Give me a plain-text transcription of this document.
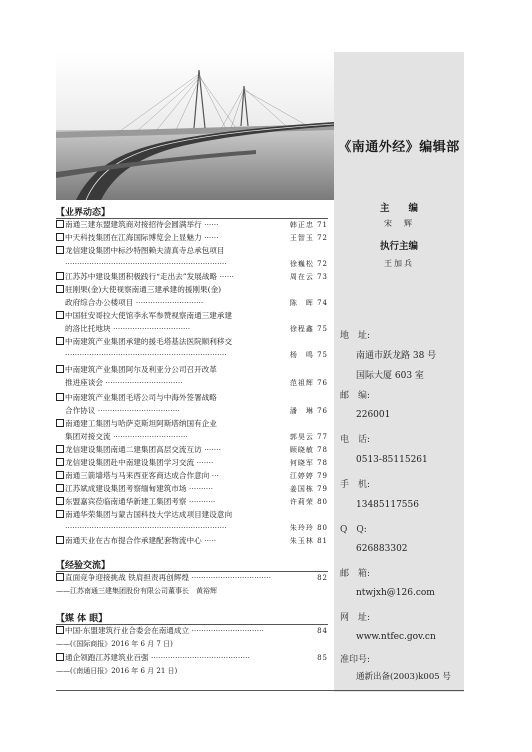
《南通外经》编辑部
主　　编
宋　辉
执行主编
王加兵
地　址:
南通市跃龙路 38 号
国际大厦 603 室
邮　编:
226001
电　话:
0513-85115261
手　机:
13485117556
Q　Q:
626883302
邮　箱:
ntwjxh@126.com
网　址:
www.ntfec.gov.cn
准印号:
通新出备(2003)k005 号
【业界动态】
南通三建东盟建筑商对接招待会圆满举行 ······	韩正忠 71
中天科技集团在江海国际博览会上显魅力 ······	王智玉 72
龙信建设集团中标沙特图赖夫清真寺总承包项目
···································································	徐巍松 72
江苏苏中建设集团积极践行“走出去”发展战略 ······	周在云 73
驻刚果(金)大使视察南通三建承建的援刚果(金)
政府综合办公楼项目 ····························	陈　晖 74
中国驻安哥拉大使馆李永军参赞视察南通三建承建
的洛比托地块 ································	徐程鑫 75
中南建筑产业集团承建的援毛塔基法医院顺利移交
···································································	杨　鸣 75
中南建筑产业集团阿尔及利亚分公司召开改革
推进座谈会 ································	范祖辉 76
中南建筑产业集团毛塔公司与中海外签署战略
合作协议 ··································	潘　琳 76
南通建工集团与哈萨克斯坦阿斯塔纳国有企业
集团对接交流 ·······························	郭昊云 77
龙信建设集团南通二建集团高层交流互访 ·······	顾晓敏 78
龙信建设集团赴中南建设集团学习交流 ·······	何晓军 78
南通三箭墙塔与马来西亚客商达成合作意向 ···	江婷婷 79
江苏斌成建设集团考察缅甸建筑市场 ··········	姜国栋 79
东盟嘉宾莅临南通华新建工集团考察 ···········	许莉荣 80
南通华荣集团与蒙古国科技大学达成项目建设意向
···································································	朱玲玲 80
南通天业在古布提合作承建配套物流中心 ·····	朱玉林 81
【经验交流】
直面竞争迎接挑战 铁肩担责再创辉煌 ·································	82
——江苏南通三建集团股份有限公司董事长　黄裕辉
【媒 体 眼】
中国-东盟建筑行业合委会在南通成立 ······························	84
——(《国际商报》2016 年 6 月 7 日)
通企领跑江苏建筑业百强 ·········································	85
——(《南通日报》2016 年 6 月 21 日)
